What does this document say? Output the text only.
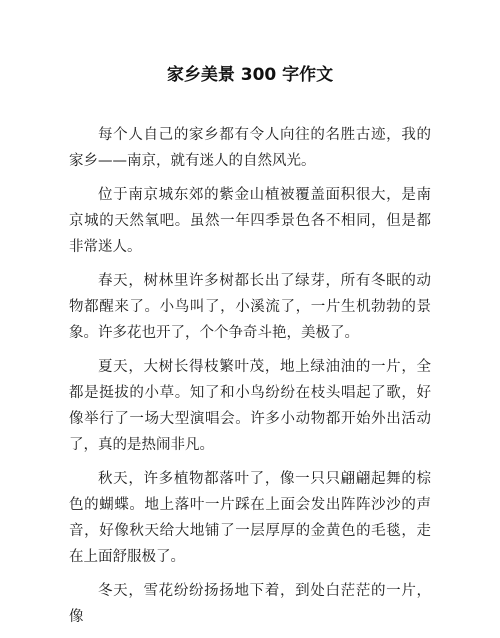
家乡美景 300 字作文

每个人自己的家乡都有令人向往的名胜古迹，我的家乡——南京，就有迷人的自然风光。

位于南京城东郊的紫金山植被覆盖面积很大，是南京城的天然氧吧。虽然一年四季景色各不相同，但是都非常迷人。

春天，树林里许多树都长出了绿芽，所有冬眠的动物都醒来了。小鸟叫了，小溪流了，一片生机勃勃的景象。许多花也开了，个个争奇斗艳，美极了。

夏天，大树长得枝繁叶茂，地上绿油油的一片，全都是挺拔的小草。知了和小鸟纷纷在枝头唱起了歌，好像举行了一场大型演唱会。许多小动物都开始外出活动了，真的是热闹非凡。

秋天，许多植物都落叶了，像一只只翩翩起舞的棕色的蝴蝶。地上落叶一片踩在上面会发出阵阵沙沙的声音，好像秋天给大地铺了一层厚厚的金黄色的毛毯，走在上面舒服极了。

冬天，雪花纷纷扬扬地下着，到处白茫茫的一片，像
